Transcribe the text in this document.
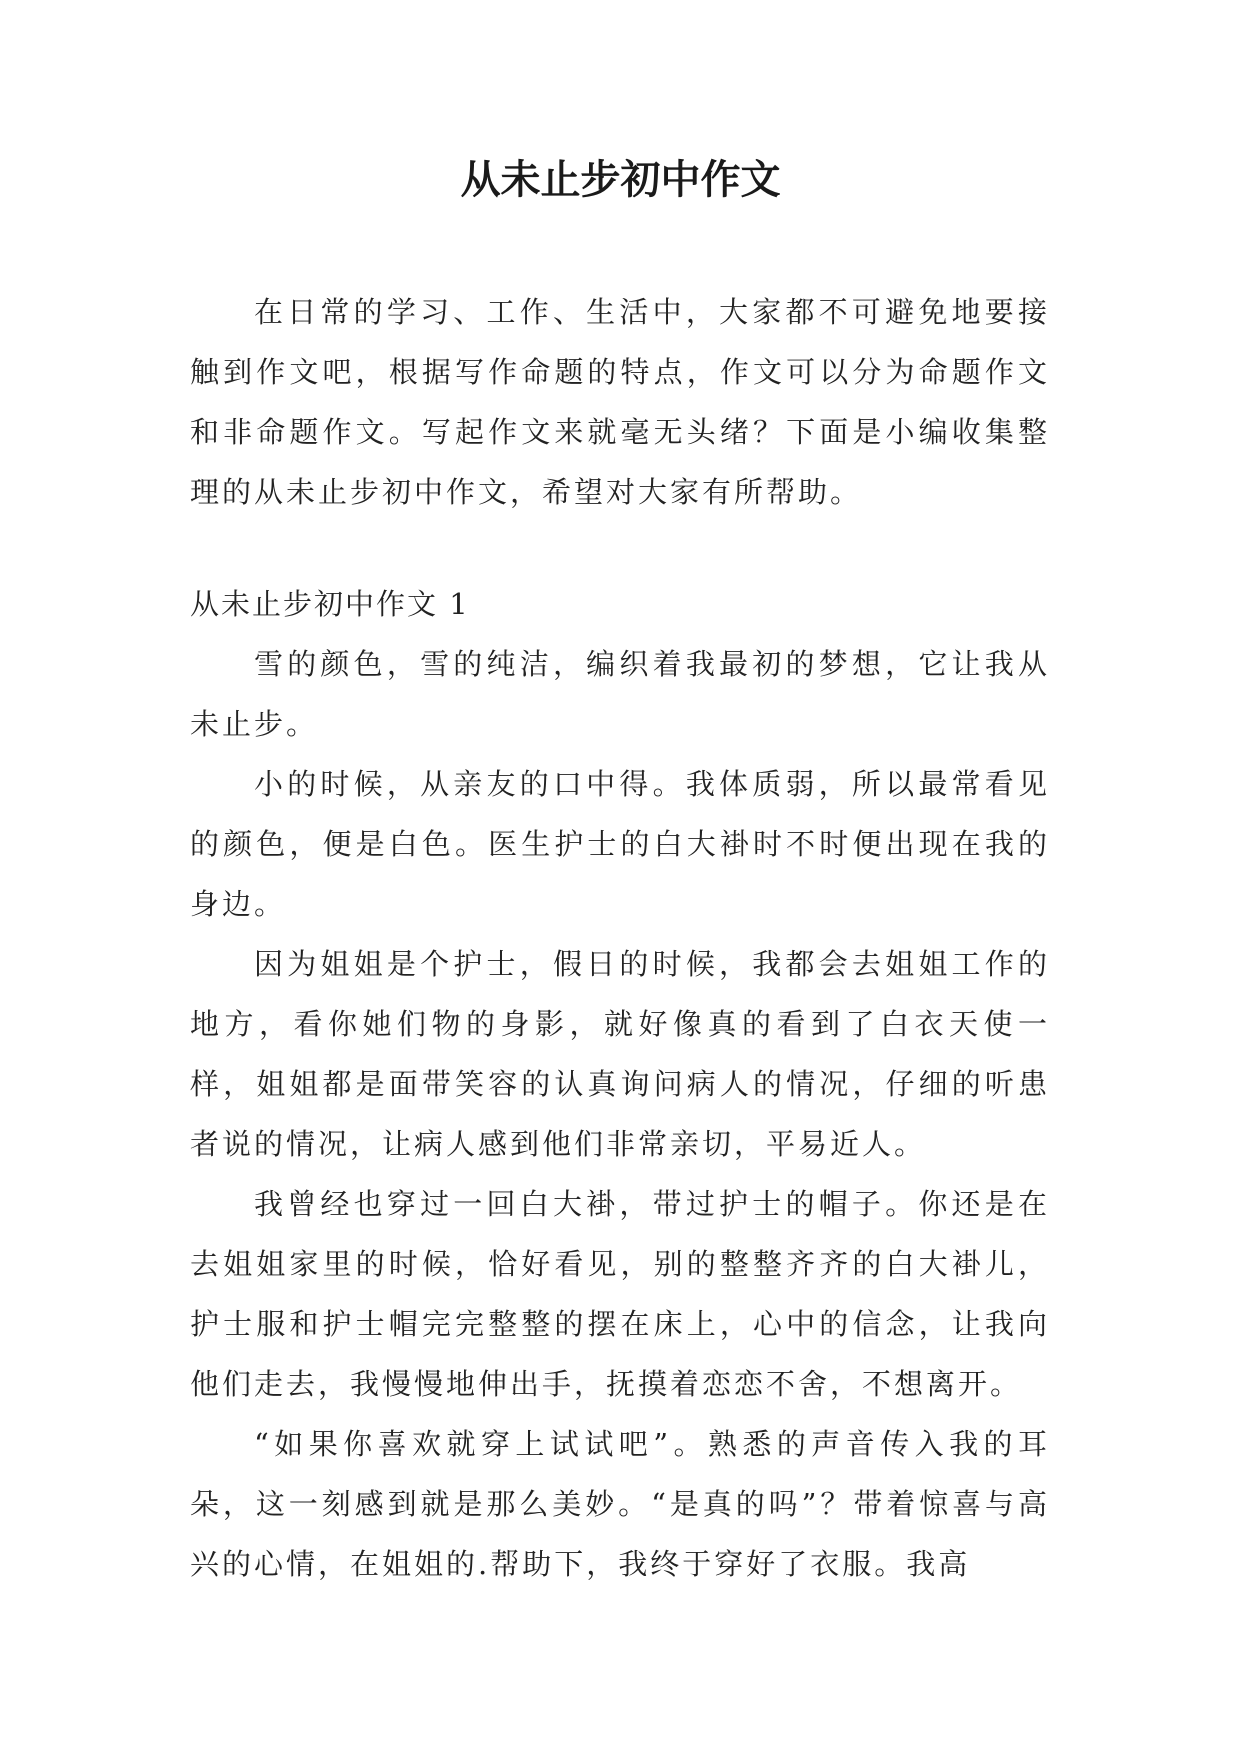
从未止步初中作文

在日常的学习、工作、生活中，大家都不可避免地要接触到作文吧，根据写作命题的特点，作文可以分为命题作文和非命题作文。写起作文来就毫无头绪？下面是小编收集整理的从未止步初中作文，希望对大家有所帮助。

从未止步初中作文 1

雪的颜色，雪的纯洁，编织着我最初的梦想，它让我从未止步。

小的时候，从亲友的口中得。我体质弱，所以最常看见的颜色，便是白色。医生护士的白大褂时不时便出现在我的身边。

因为姐姐是个护士，假日的时候，我都会去姐姐工作的地方，看你她们物的身影，就好像真的看到了白衣天使一样，姐姐都是面带笑容的认真询问病人的情况，仔细的听患者说的情况，让病人感到他们非常亲切，平易近人。

我曾经也穿过一回白大褂，带过护士的帽子。你还是在去姐姐家里的时候，恰好看见，别的整整齐齐的白大褂儿，护士服和护士帽完完整整的摆在床上，心中的信念，让我向他们走去，我慢慢地伸出手，抚摸着恋恋不舍，不想离开。

“如果你喜欢就穿上试试吧”。熟悉的声音传入我的耳朵，这一刻感到就是那么美妙。“是真的吗”？带着惊喜与高兴的心情，在姐姐的.帮助下，我终于穿好了衣服。我高
